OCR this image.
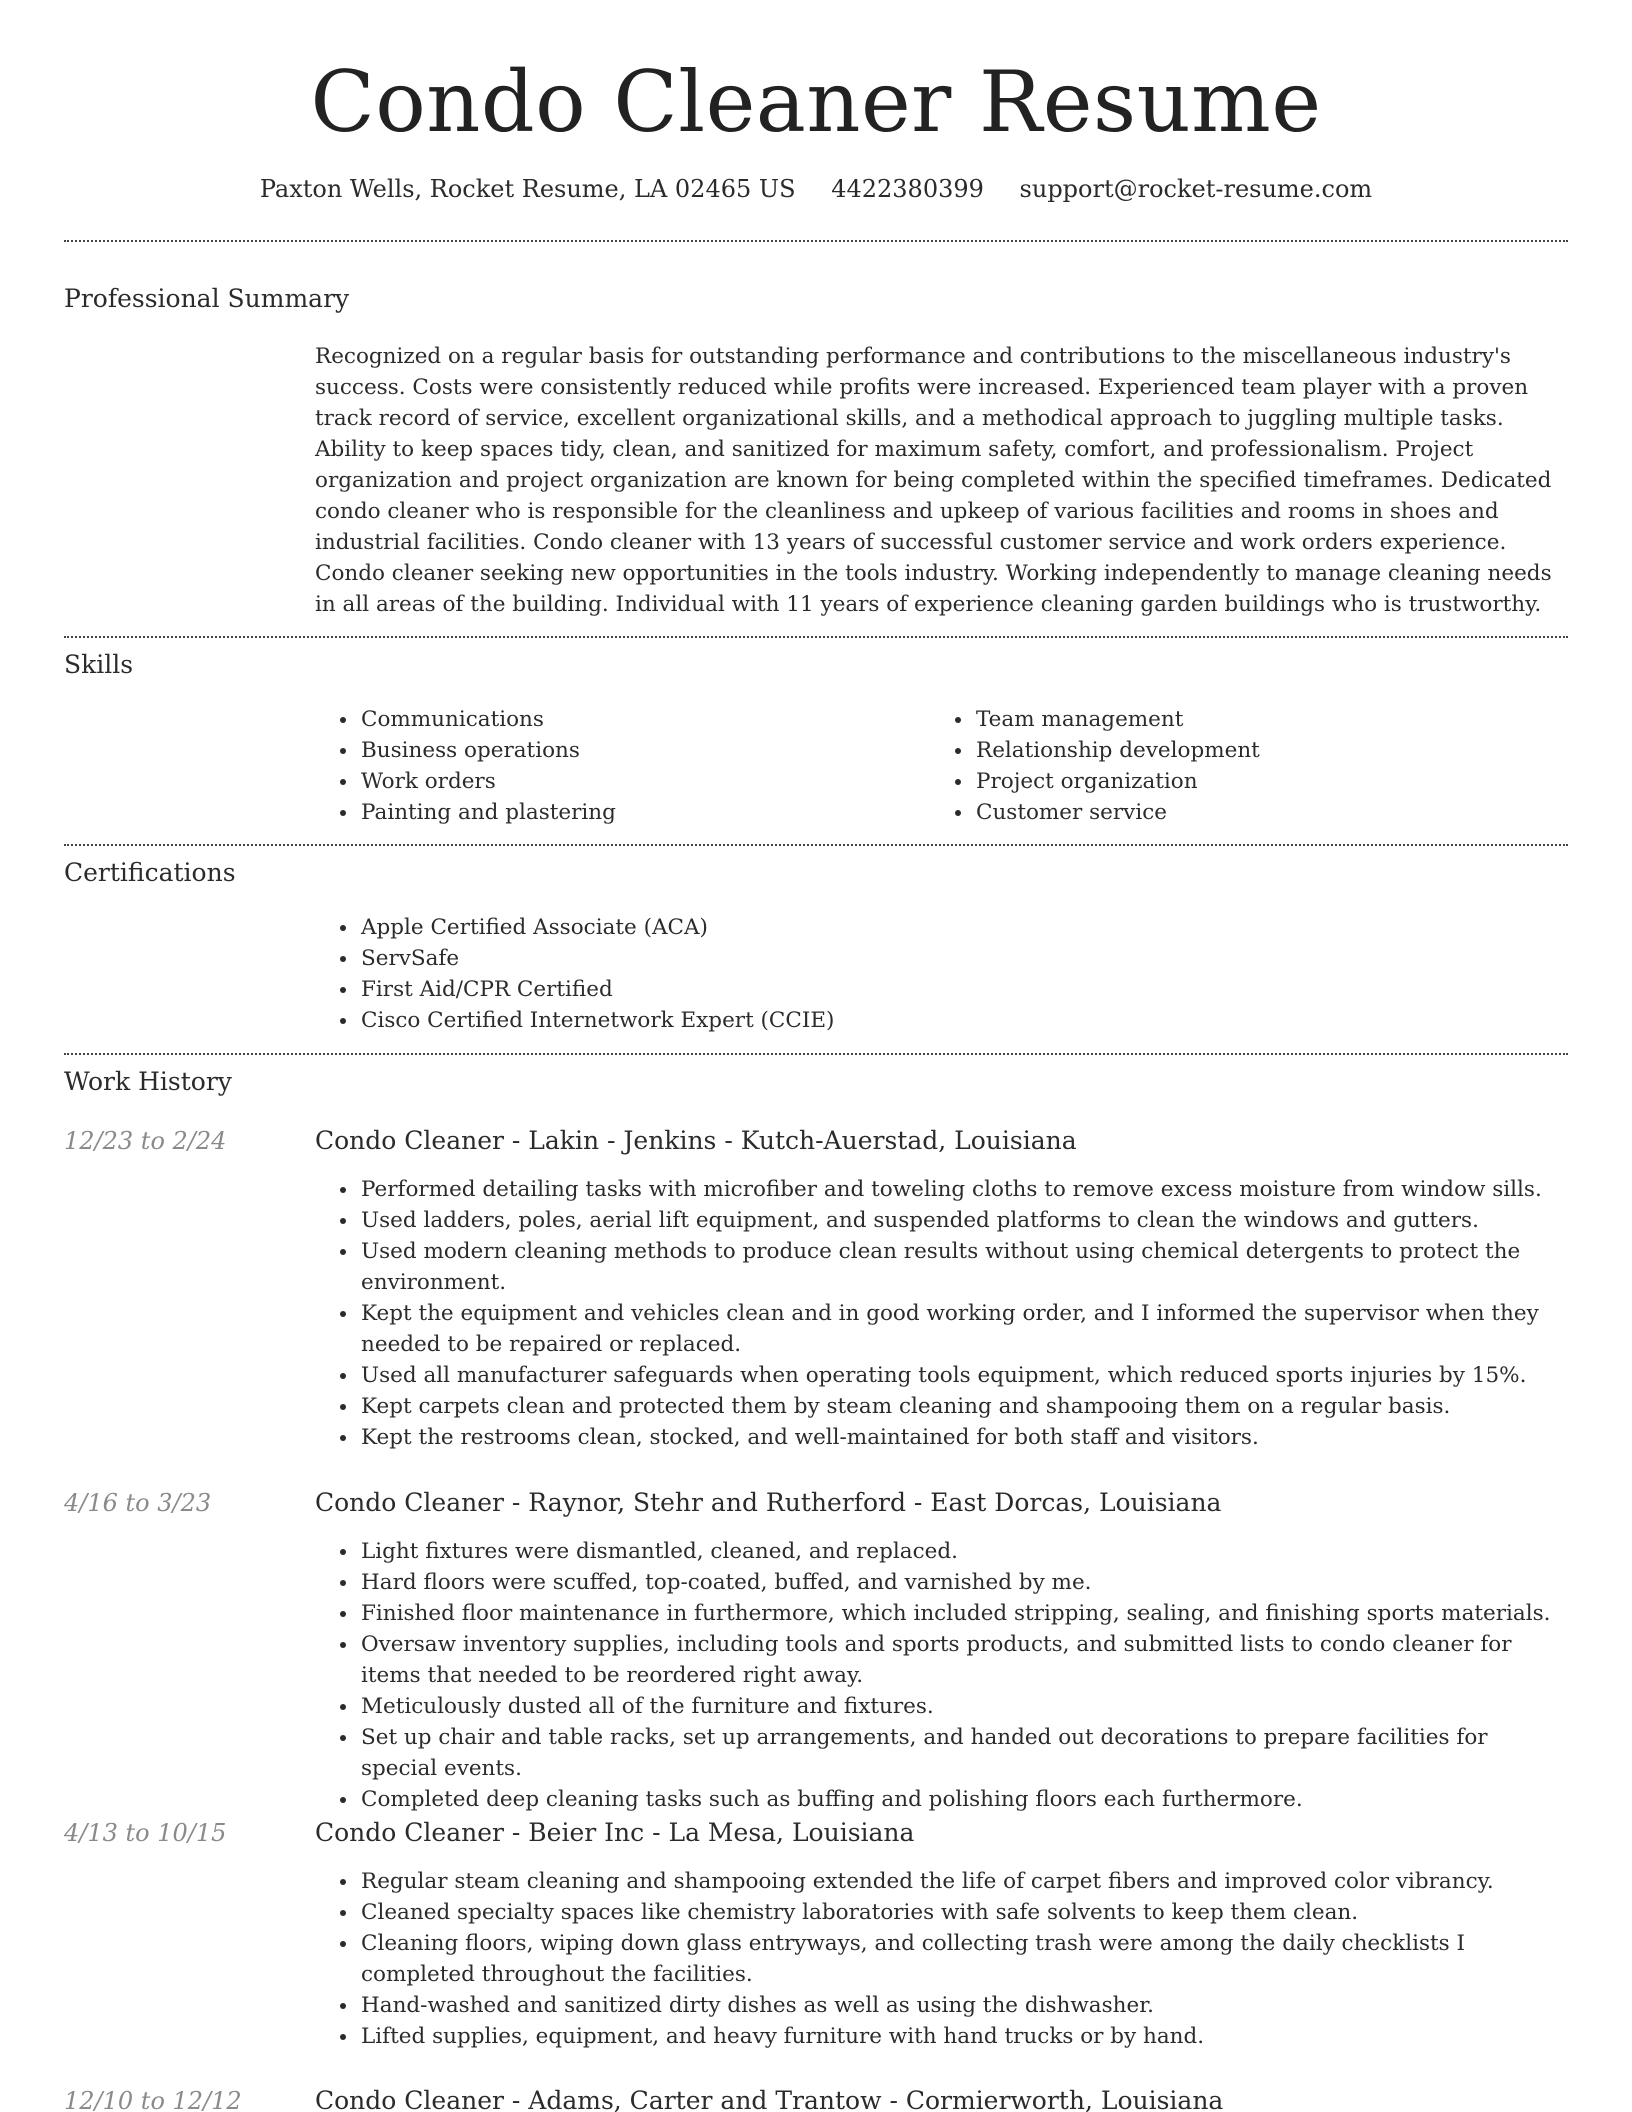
Condo Cleaner Resume
Paxton Wells, Rocket Resume, LA 02465 US 4422380399 support@rocket-resume.com
Professional Summary

Recognized on a regular basis for outstanding performance and contributions to the miscellaneous industry's success. Costs were consistently reduced while profits were increased. Experienced team player with a proven track record of service, excellent organizational skills, and a methodical approach to juggling multiple tasks. Ability to keep spaces tidy, clean, and sanitized for maximum safety, comfort, and professionalism. Project organization and project organization are known for being completed within the specified timeframes. Dedicated condo cleaner who is responsible for the cleanliness and upkeep of various facilities and rooms in shoes and industrial facilities. Condo cleaner with 13 years of successful customer service and work orders experience. Condo cleaner seeking new opportunities in the tools industry. Working independently to manage cleaning needs in all areas of the building. Individual with 11 years of experience cleaning garden buildings who is trustworthy.

Skills
• Communications
• Business operations
• Work orders
• Painting and plastering
• Team management
• Relationship development
• Project organization
• Customer service
Certifications
• Apple Certified Associate (ACA)
• ServSafe
• First Aid/CPR Certified
• Cisco Certified Internetwork Expert (CCIE)
Work History
12/23 to 2/24	Condo Cleaner - Lakin - Jenkins - Kutch-Auerstad, Louisiana
• Performed detailing tasks with microfiber and toweling cloths to remove excess moisture from window sills.
• Used ladders, poles, aerial lift equipment, and suspended platforms to clean the windows and gutters.
• Used modern cleaning methods to produce clean results without using chemical detergents to protect the environment.
• Kept the equipment and vehicles clean and in good working order, and I informed the supervisor when they needed to be repaired or replaced.
• Used all manufacturer safeguards when operating tools equipment, which reduced sports injuries by 15%.
• Kept carpets clean and protected them by steam cleaning and shampooing them on a regular basis.
• Kept the restrooms clean, stocked, and well-maintained for both staff and visitors.
4/16 to 3/23	Condo Cleaner - Raynor, Stehr and Rutherford - East Dorcas, Louisiana
• Light fixtures were dismantled, cleaned, and replaced.
• Hard floors were scuffed, top-coated, buffed, and varnished by me.
• Finished floor maintenance in furthermore, which included stripping, sealing, and finishing sports materials.
• Oversaw inventory supplies, including tools and sports products, and submitted lists to condo cleaner for items that needed to be reordered right away.
• Meticulously dusted all of the furniture and fixtures.
• Set up chair and table racks, set up arrangements, and handed out decorations to prepare facilities for special events.
• Completed deep cleaning tasks such as buffing and polishing floors each furthermore.
4/13 to 10/15	Condo Cleaner - Beier Inc - La Mesa, Louisiana
• Regular steam cleaning and shampooing extended the life of carpet fibers and improved color vibrancy.
• Cleaned specialty spaces like chemistry laboratories with safe solvents to keep them clean.
• Cleaning floors, wiping down glass entryways, and collecting trash were among the daily checklists I completed throughout the facilities.
• Hand-washed and sanitized dirty dishes as well as using the dishwasher.
• Lifted supplies, equipment, and heavy furniture with hand trucks or by hand.
12/10 to 12/12	Condo Cleaner - Adams, Carter and Trantow - Cormierworth, Louisiana
